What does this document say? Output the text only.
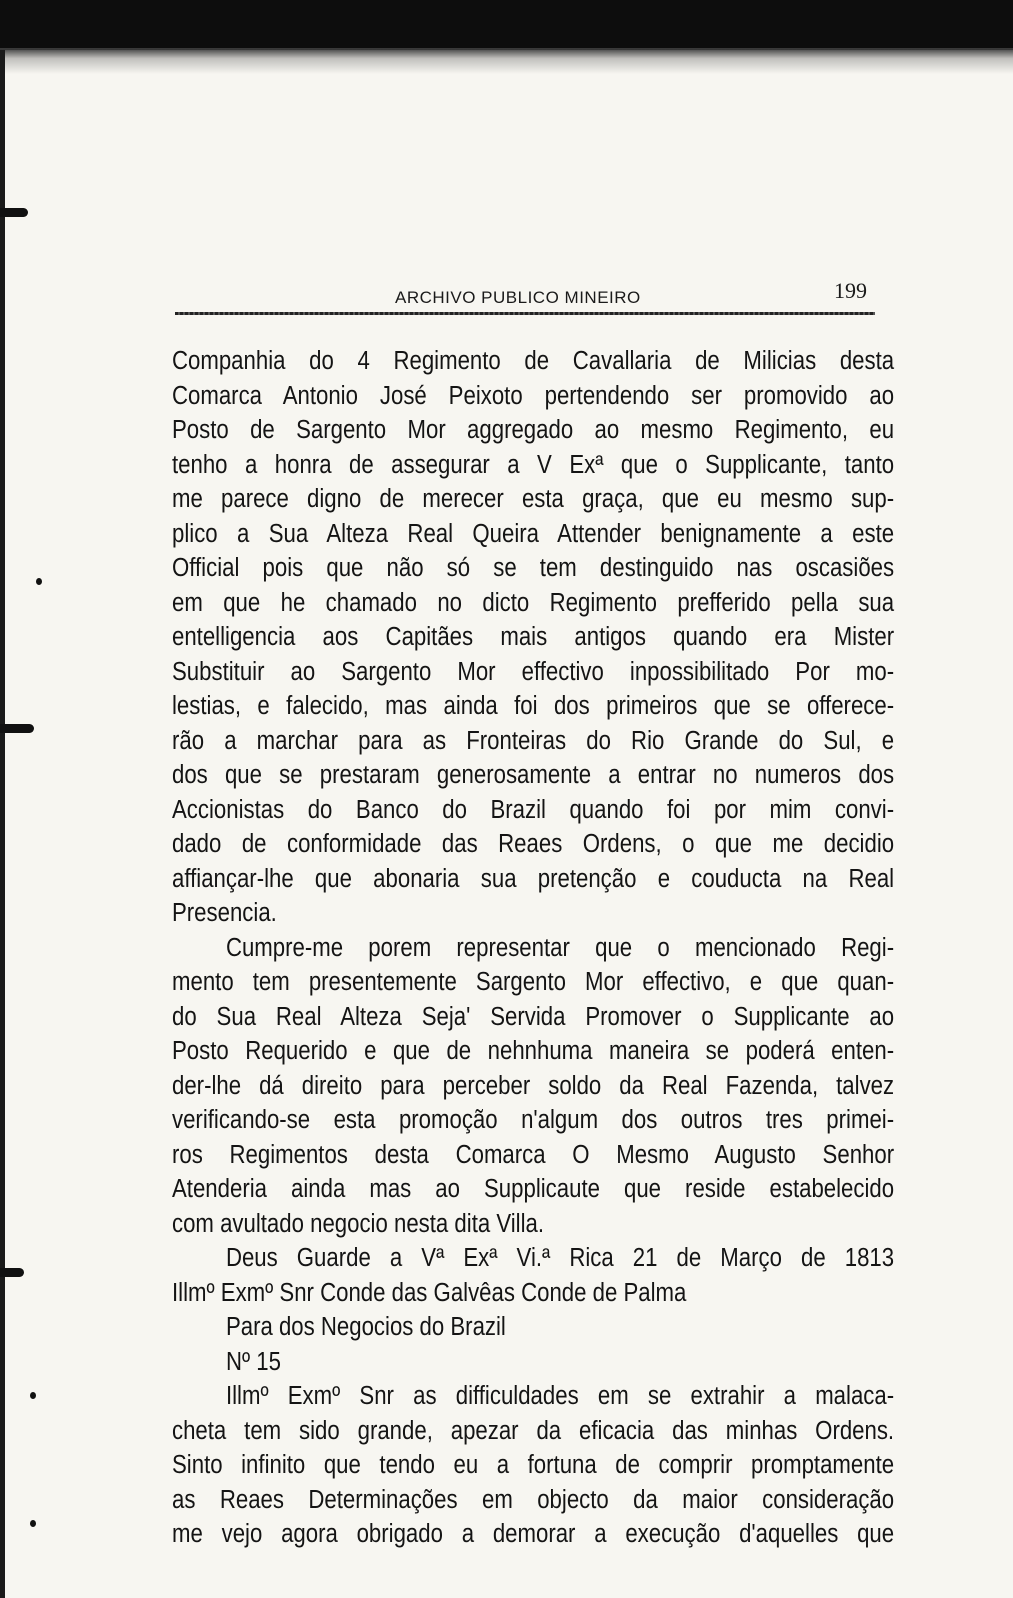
ARCHIVO PUBLICO MINEIRO	199
Companhia do 4 Regimento de Cavallaria de Milicias desta
Comarca Antonio José Peixoto pertendendo ser promovido ao
Posto de Sargento Mor aggregado ao mesmo Regimento, eu
tenho a honra de assegurar a V Exª que o Supplicante, tanto
me parece digno de merecer esta graça, que eu mesmo sup-
plico a Sua Alteza Real Queira Attender benignamente a este
Official pois que não só se tem destinguido nas oscasiões
em que he chamado no dicto Regimento prefferido pella sua
entelligencia aos Capitães mais antigos quando era Mister
Substituir ao Sargento Mor effectivo inpossibilitado Por mo-
lestias, e falecido, mas ainda foi dos primeiros que se offerece-
rão a marchar para as Fronteiras do Rio Grande do Sul, e
dos que se prestaram generosamente a entrar no numeros dos
Accionistas do Banco do Brazil quando foi por mim convi-
dado de conformidade das Reaes Ordens, o que me decidio
affiançar-lhe que abonaria sua pretenção e couducta na Real
Presencia.
Cumpre-me porem representar que o mencionado Regi-
mento tem presentemente Sargento Mor effectivo, e que quan-
do Sua Real Alteza Seja' Servida Promover o Supplicante ao
Posto Requerido e que de nehnhuma maneira se poderá enten-
der-lhe dá direito para perceber soldo da Real Fazenda, talvez
verificando-se esta promoção n'algum dos outros tres primei-
ros Regimentos desta Comarca O Mesmo Augusto Senhor
Atenderia ainda mas ao Supplicaute que reside estabelecido
com avultado negocio nesta dita Villa.
Deus Guarde a Vª Exª Vi.ª Rica 21 de Março de 1813
Illmº Exmº Snr Conde das Galvêas Conde de Palma
Para dos Negocios do Brazil
Nº 15
Illmº Exmº Snr as difficuldades em se extrahir a malaca-
cheta tem sido grande, apezar da eficacia das minhas Ordens.
Sinto infinito que tendo eu a fortuna de comprir promptamente
as Reaes Determinações em objecto da maior consideração
me vejo agora obrigado a demorar a execução d'aquelles que
